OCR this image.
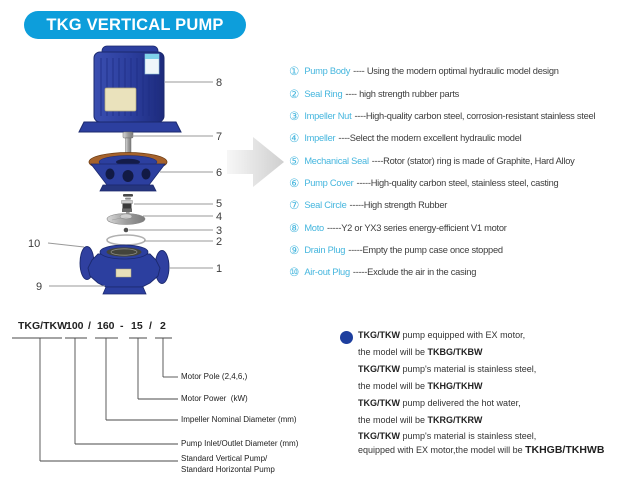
TKG VERTICAL PUMP
8
7
6
5
4
3
2
1
10
9
① Pump Body ---- Using the modern optimal hydraulic model design
② Seal Ring ---- high strength rubber parts
③ Impeller Nut ----High-quality carbon steel, corrosion-resistant stainless steel
④ Impeller ----Select the modern excellent hydraulic model
⑤ Mechanical Seal ----Rotor (stator) ring is made of Graphite, Hard Alloy
⑥ Pump Cover -----High-quality carbon steel, stainless steel, casting
⑦ Seal Circle -----High strength Rubber
⑧ Moto -----Y2 or YX3 series energy-efficient V1 motor
⑨ Drain Plug -----Empty the pump case once stopped
⑩ Air-out Plug -----Exclude the air in the casing
TKG/TKW 100 / 160 - 15 / 2
Motor Pole (2,4,6,)
Motor Power  (kW)
Impeller Nominal Diameter (mm)
Pump Inlet/Outlet Diameter (mm)
Standard Vertical Pump/
Standard Horizontal Pump
TKG/TKW pump equipped with EX motor,
the model will be TKBG/TKBW
TKG/TKW pump's material is stainless steel,
the model will be TKHG/TKHW
TKG/TKW pump delivered the hot water,
the model will be TKRG/TKRW
TKG/TKW pump's material is stainless steel,
equipped with EX motor,the model will be TKHGB/TKHWB
